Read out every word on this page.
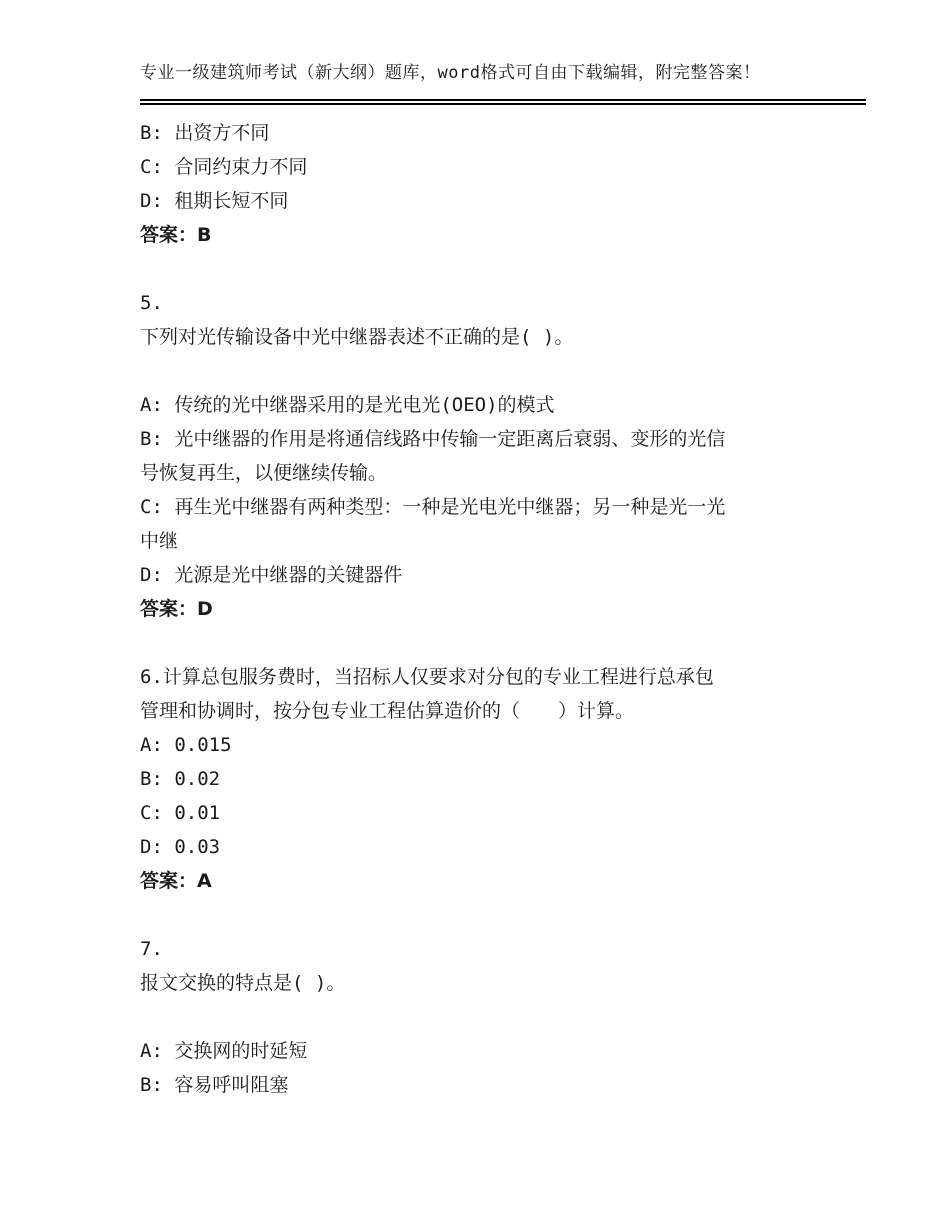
专业一级建筑师考试（新大纲）题库，word格式可自由下载编辑，附完整答案！
B: 出资方不同
C: 合同约束力不同
D: 租期长短不同
答案：B
5.
下列对光传输设备中光中继器表述不正确的是( )。
A: 传统的光中继器采用的是光电光(OEO)的模式
B: 光中继器的作用是将通信线路中传输一定距离后衰弱、变形的光信
号恢复再生，以便继续传输。
C: 再生光中继器有两种类型：一种是光电光中继器；另一种是光一光
中继
D: 光源是光中继器的关键器件
答案：D
6.计算总包服务费时，当招标人仅要求对分包的专业工程进行总承包
管理和协调时，按分包专业工程估算造价的（　　）计算。
A: 0.015
B: 0.02
C: 0.01
D: 0.03
答案：A
7.
报文交换的特点是( )。
A: 交换网的时延短
B: 容易呼叫阻塞
